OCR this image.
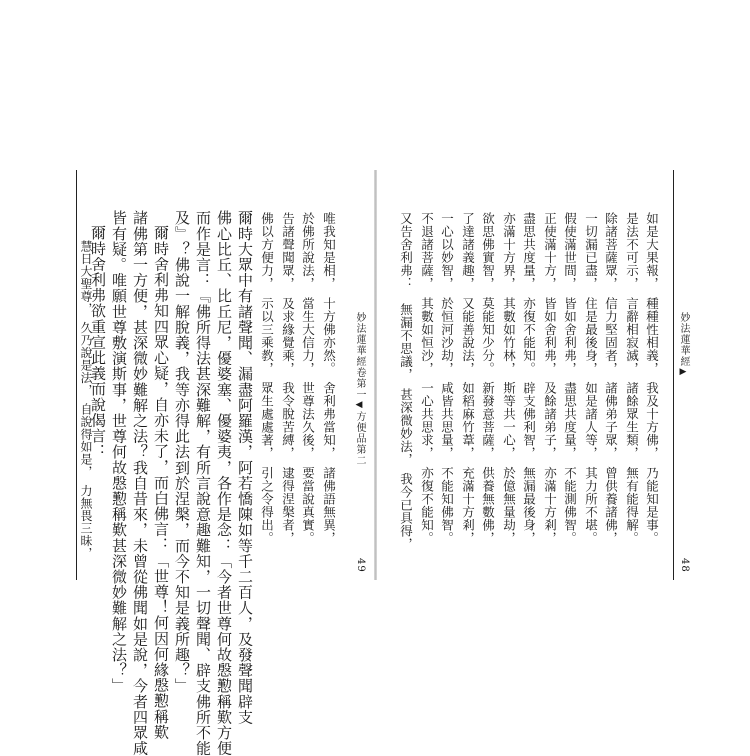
妙法蓮華經▶
48
如是大果報，　種種性相義，　我及十方佛，　乃能知是事。
是法不可示，　言辭相寂滅，　諸餘眾生類，　無有能得解。
除諸菩薩眾，　信力堅固者，　諸佛弟子眾，　曾供養諸佛，
一切漏已盡，　住是最後身，　如是諸人等，　其力所不堪。
假使滿世間，　皆如舍利弗，　盡思共度量，　不能測佛智。
正使滿十方，　皆如舍利弗，　及餘諸弟子，　亦滿十方剎，
盡思共度量，　亦復不能知。　辟支佛利智，　無漏最後身，
亦滿十方界，　其數如竹林，　斯等共一心，　於億無量劫，
欲思佛實智，　莫能知少分。　新發意菩薩，　供養無數佛，
了達諸義趣，　又能善說法，　如稻麻竹葦，　充滿十方剎，
一心以妙智，　於恒河沙劫，　咸皆共思量，　不能知佛智。
不退諸菩薩，　其數如恒沙，　一心共思求，　亦復不能知。
又告舍利弗：　無漏不思議，　甚深微妙法，　我今已具得，
妙法蓮華經卷第一◀方便品第二
49
唯我知是相，　十方佛亦然。　舍利弗當知，　諸佛語無異，
於佛所說法，　當生大信力，　世尊法久後，　要當說真實。
告諸聲聞眾，　及求緣覺乘，　我令脫苦縛，　逮得涅槃者，
佛以方便力，　示以三乘教，　眾生處處著，　引之令得出。
爾時大眾中有諸聲聞、漏盡阿羅漢，阿若憍陳如等千二百人，及發聲聞辟支
佛心比丘、比丘尼，優婆塞、優婆夷，各作是念：「今者世尊何故慇懃稱歎方便
而作是言：『佛所得法甚深難解，有所言說意趣難知，一切聲聞、辟支佛所不能
及』？佛說一解脫義，我等亦得此法到於涅槃，而今不知是義所趣？」
爾時舍利弗知四眾心疑，自亦未了，而白佛言：「世尊！何因何緣慇懃稱歎
諸佛第一方便，甚深微妙難解之法？我自昔來，未曾從佛聞如是說，今者四眾咸
皆有疑。唯願世尊敷演斯事，世尊何故慇懃稱歎甚深微妙難解之法？」
爾時舍利弗欲重宣此義而說偈言：
慧日大聖尊，　久乃說是法，　自說得如是，　力無畏三昧，
